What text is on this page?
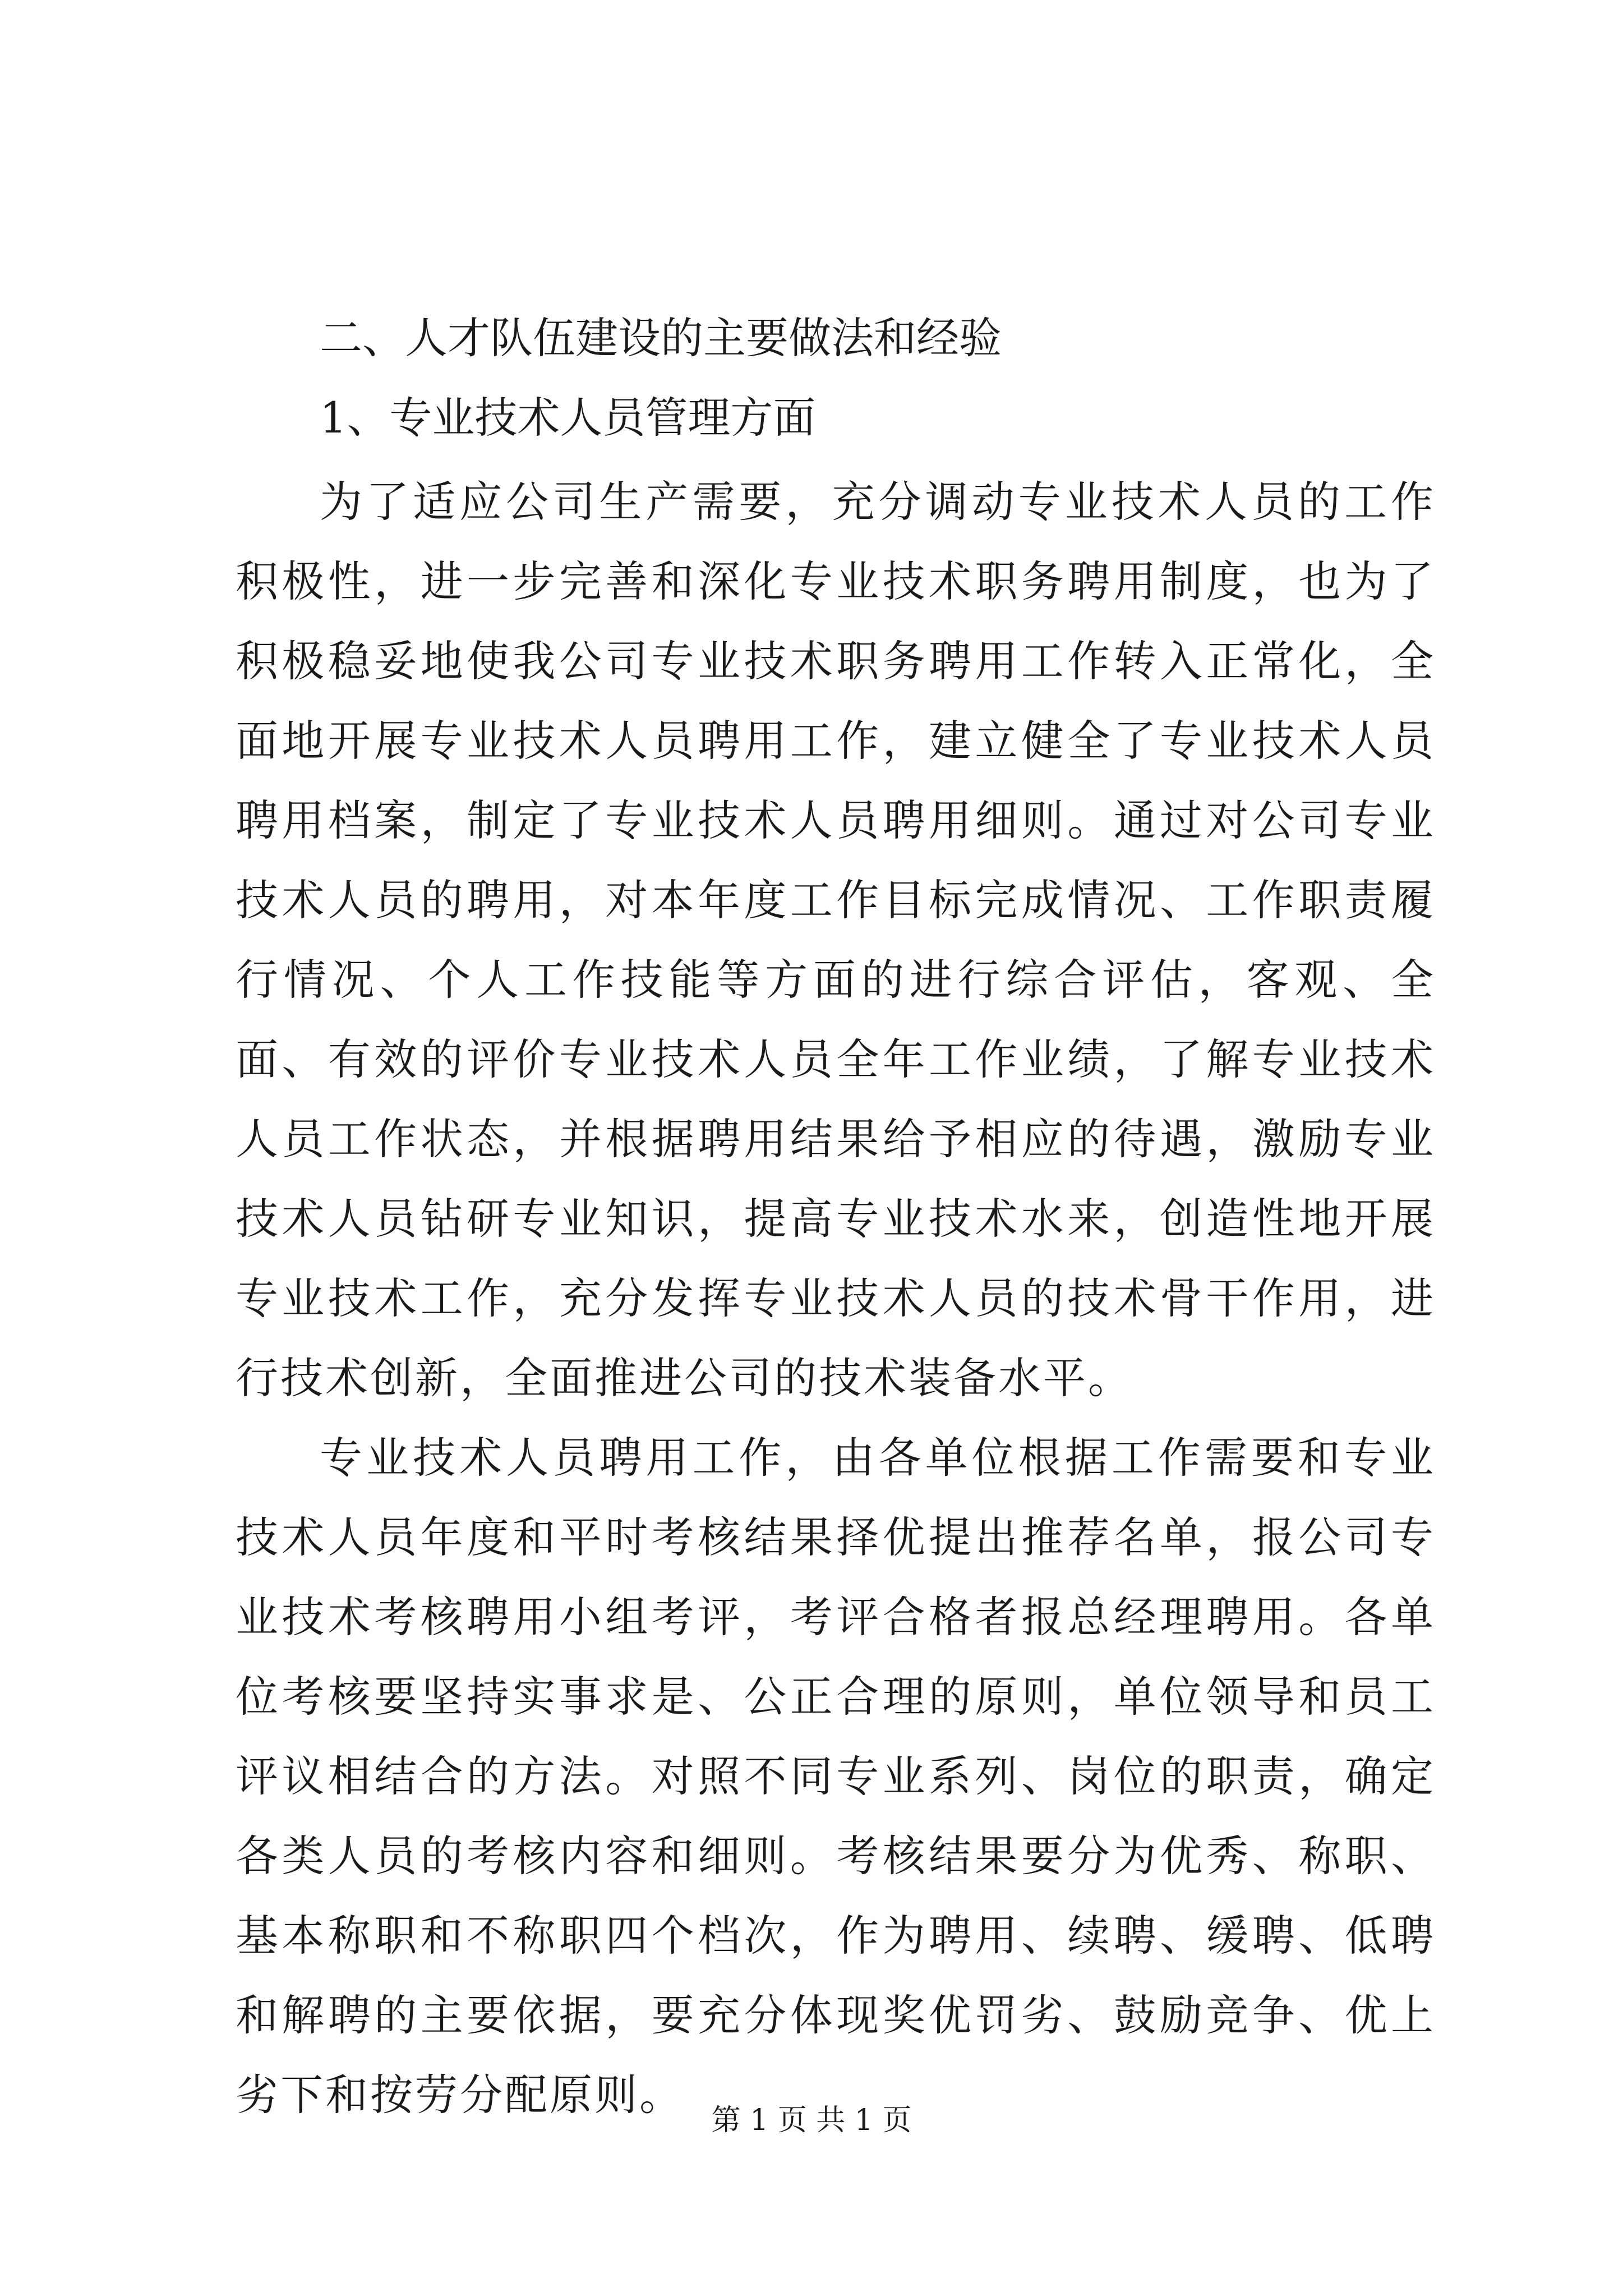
二、人才队伍建设的主要做法和经验
1、专业技术人员管理方面

为了适应公司生产需要，充分调动专业技术人员的工作积极性，进一步完善和深化专业技术职务聘用制度，也为了积极稳妥地使我公司专业技术职务聘用工作转入正常化，全面地开展专业技术人员聘用工作，建立健全了专业技术人员聘用档案，制定了专业技术人员聘用细则。通过对公司专业技术人员的聘用，对本年度工作目标完成情况、工作职责履行情况、个人工作技能等方面的进行综合评估，客观、全面、有效的评价专业技术人员全年工作业绩，了解专业技术人员工作状态，并根据聘用结果给予相应的待遇，激励专业技术人员钻研专业知识，提高专业技术水来，创造性地开展专业技术工作，充分发挥专业技术人员的技术骨干作用，进行技术创新，全面推进公司的技术装备水平。

专业技术人员聘用工作，由各单位根据工作需要和专业技术人员年度和平时考核结果择优提出推荐名单，报公司专业技术考核聘用小组考评，考评合格者报总经理聘用。各单位考核要坚持实事求是、公正合理的原则，单位领导和员工评议相结合的方法。对照不同专业系列、岗位的职责，确定各类人员的考核内容和细则。考核结果要分为优秀、称职、基本称职和不称职四个档次，作为聘用、续聘、缓聘、低聘和解聘的主要依据，要充分体现奖优罚劣、鼓励竞争、优上劣下和按劳分配原则。

第 1 页 共 1 页
